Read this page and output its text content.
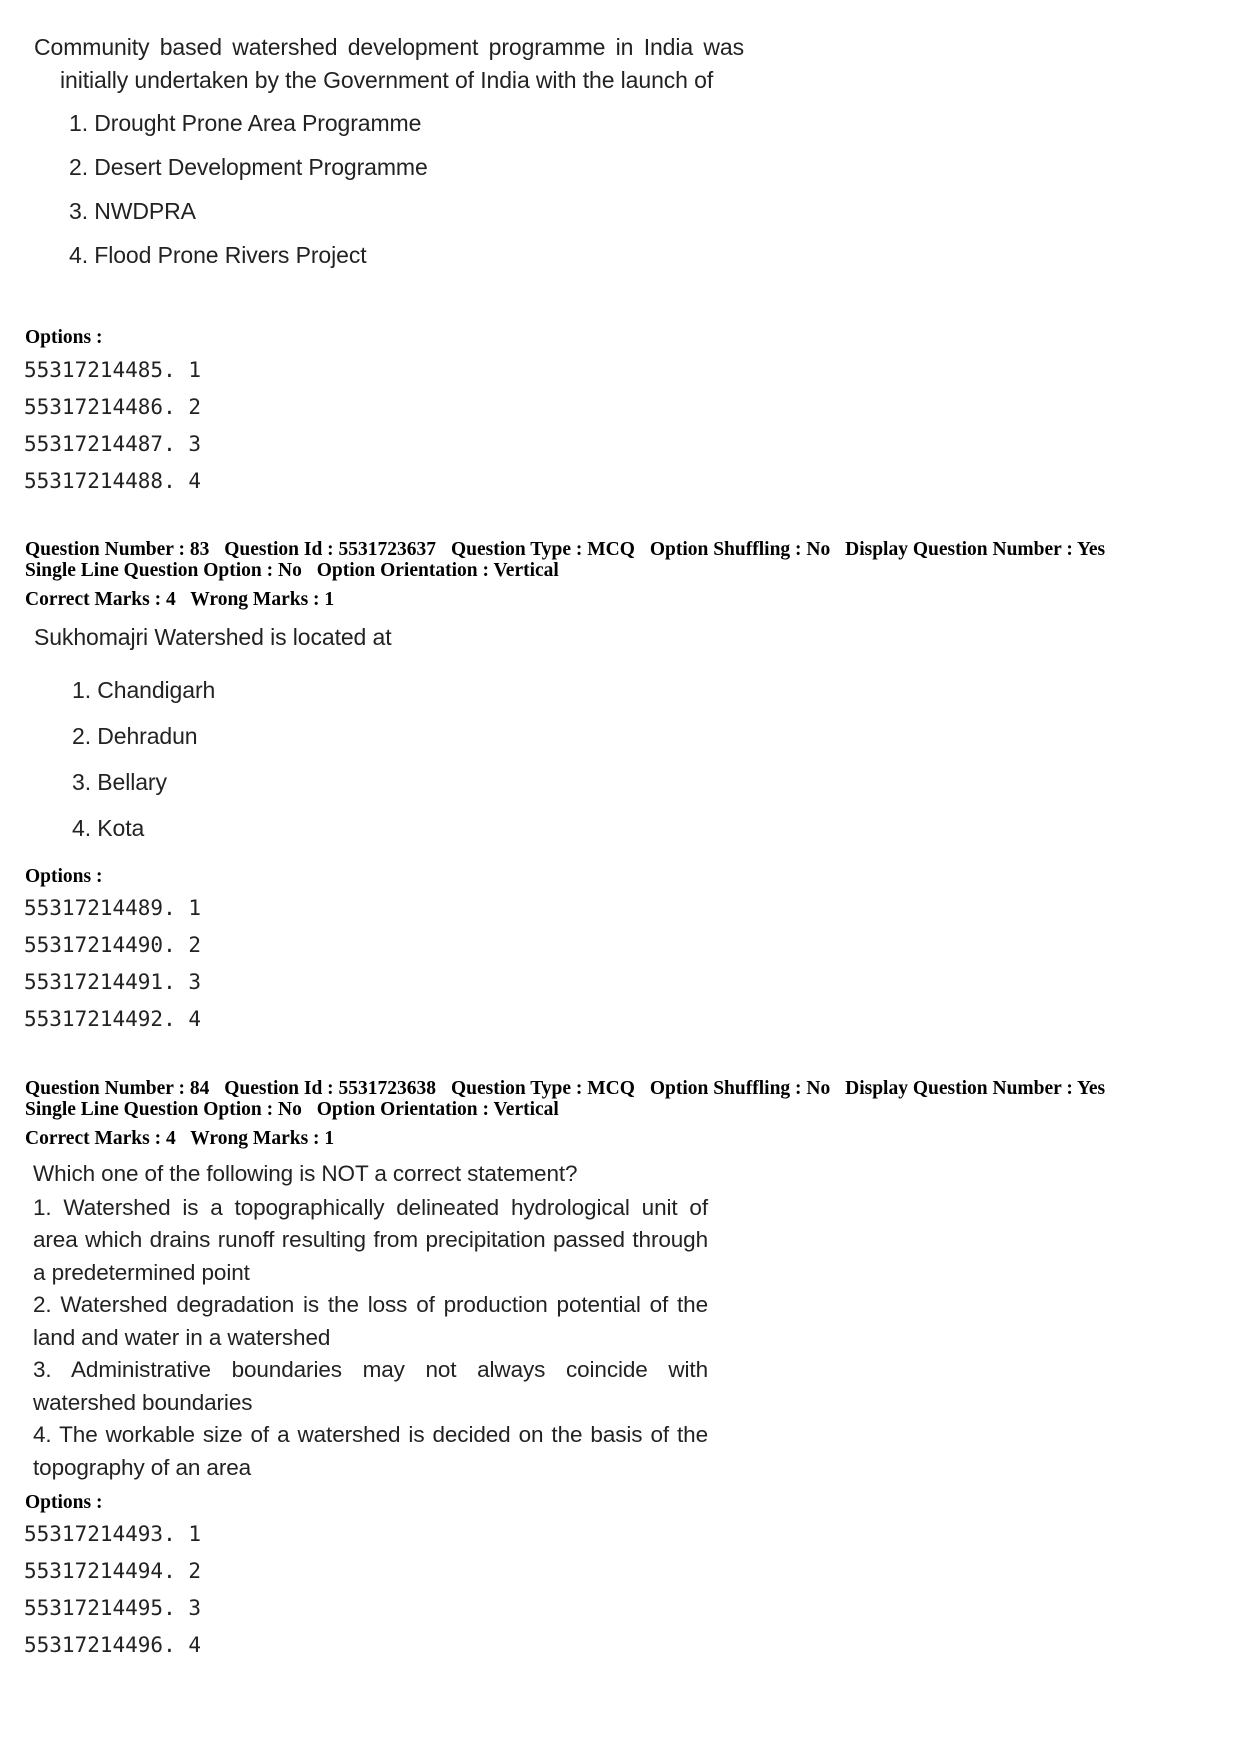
Community based watershed development programme in India was initially undertaken by the Government of India with the launch of
1. Drought Prone Area Programme
2. Desert Development Programme
3. NWDPRA
4. Flood Prone Rivers Project
Options :
55317214485. 1
55317214486. 2
55317214487. 3
55317214488. 4
Question Number : 83 Question Id : 5531723637 Question Type : MCQ Option Shuffling : No Display Question Number : Yes
Single Line Question Option : No Option Orientation : Vertical
Correct Marks : 4 Wrong Marks : 1
Sukhomajri Watershed is located at
1. Chandigarh
2. Dehradun
3. Bellary
4. Kota
Options :
55317214489. 1
55317214490. 2
55317214491. 3
55317214492. 4
Question Number : 84 Question Id : 5531723638 Question Type : MCQ Option Shuffling : No Display Question Number : Yes
Single Line Question Option : No Option Orientation : Vertical
Correct Marks : 4 Wrong Marks : 1
Which one of the following is NOT a correct statement?
1. Watershed is a topographically delineated hydrological unit of area which drains runoff resulting from precipitation passed through a predetermined point
2. Watershed degradation is the loss of production potential of the land and water in a watershed
3. Administrative boundaries may not always coincide with watershed boundaries
4. The workable size of a watershed is decided on the basis of the topography of an area
Options :
55317214493. 1
55317214494. 2
55317214495. 3
55317214496. 4
